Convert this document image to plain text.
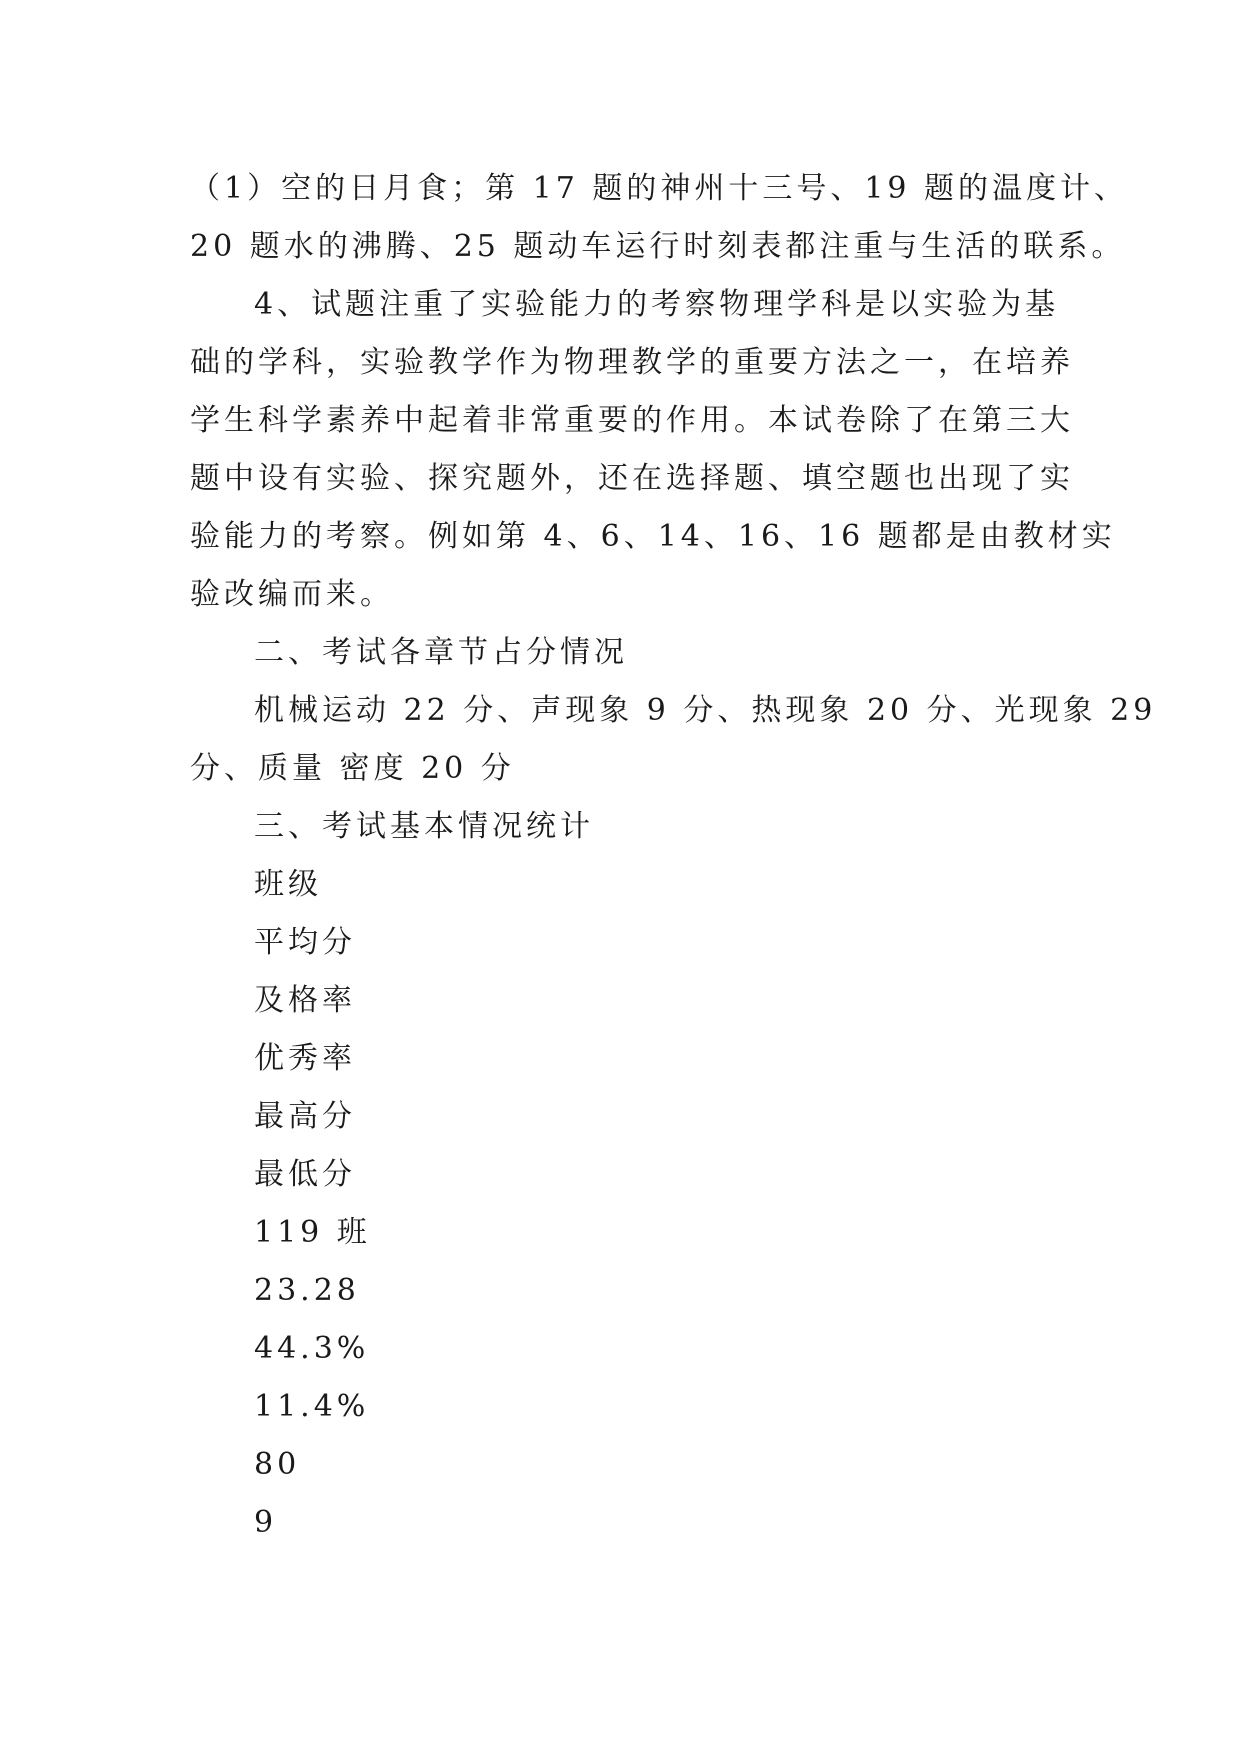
（1）空的日月食；第 17 题的神州十三号、19 题的温度计、
20 题水的沸腾、25 题动车运行时刻表都注重与生活的联系。
4、试题注重了实验能力的考察物理学科是以实验为基
础的学科，实验教学作为物理教学的重要方法之一，在培养
学生科学素养中起着非常重要的作用。本试卷除了在第三大
题中设有实验、探究题外，还在选择题、填空题也出现了实
验能力的考察。例如第 4、6、14、16、16 题都是由教材实
验改编而来。
二、考试各章节占分情况
机械运动 22 分、声现象 9 分、热现象 20 分、光现象 29
分、质量 密度 20 分
三、考试基本情况统计
班级
平均分
及格率
优秀率
最高分
最低分
119 班
23.28
44.3%
11.4%
80
9
